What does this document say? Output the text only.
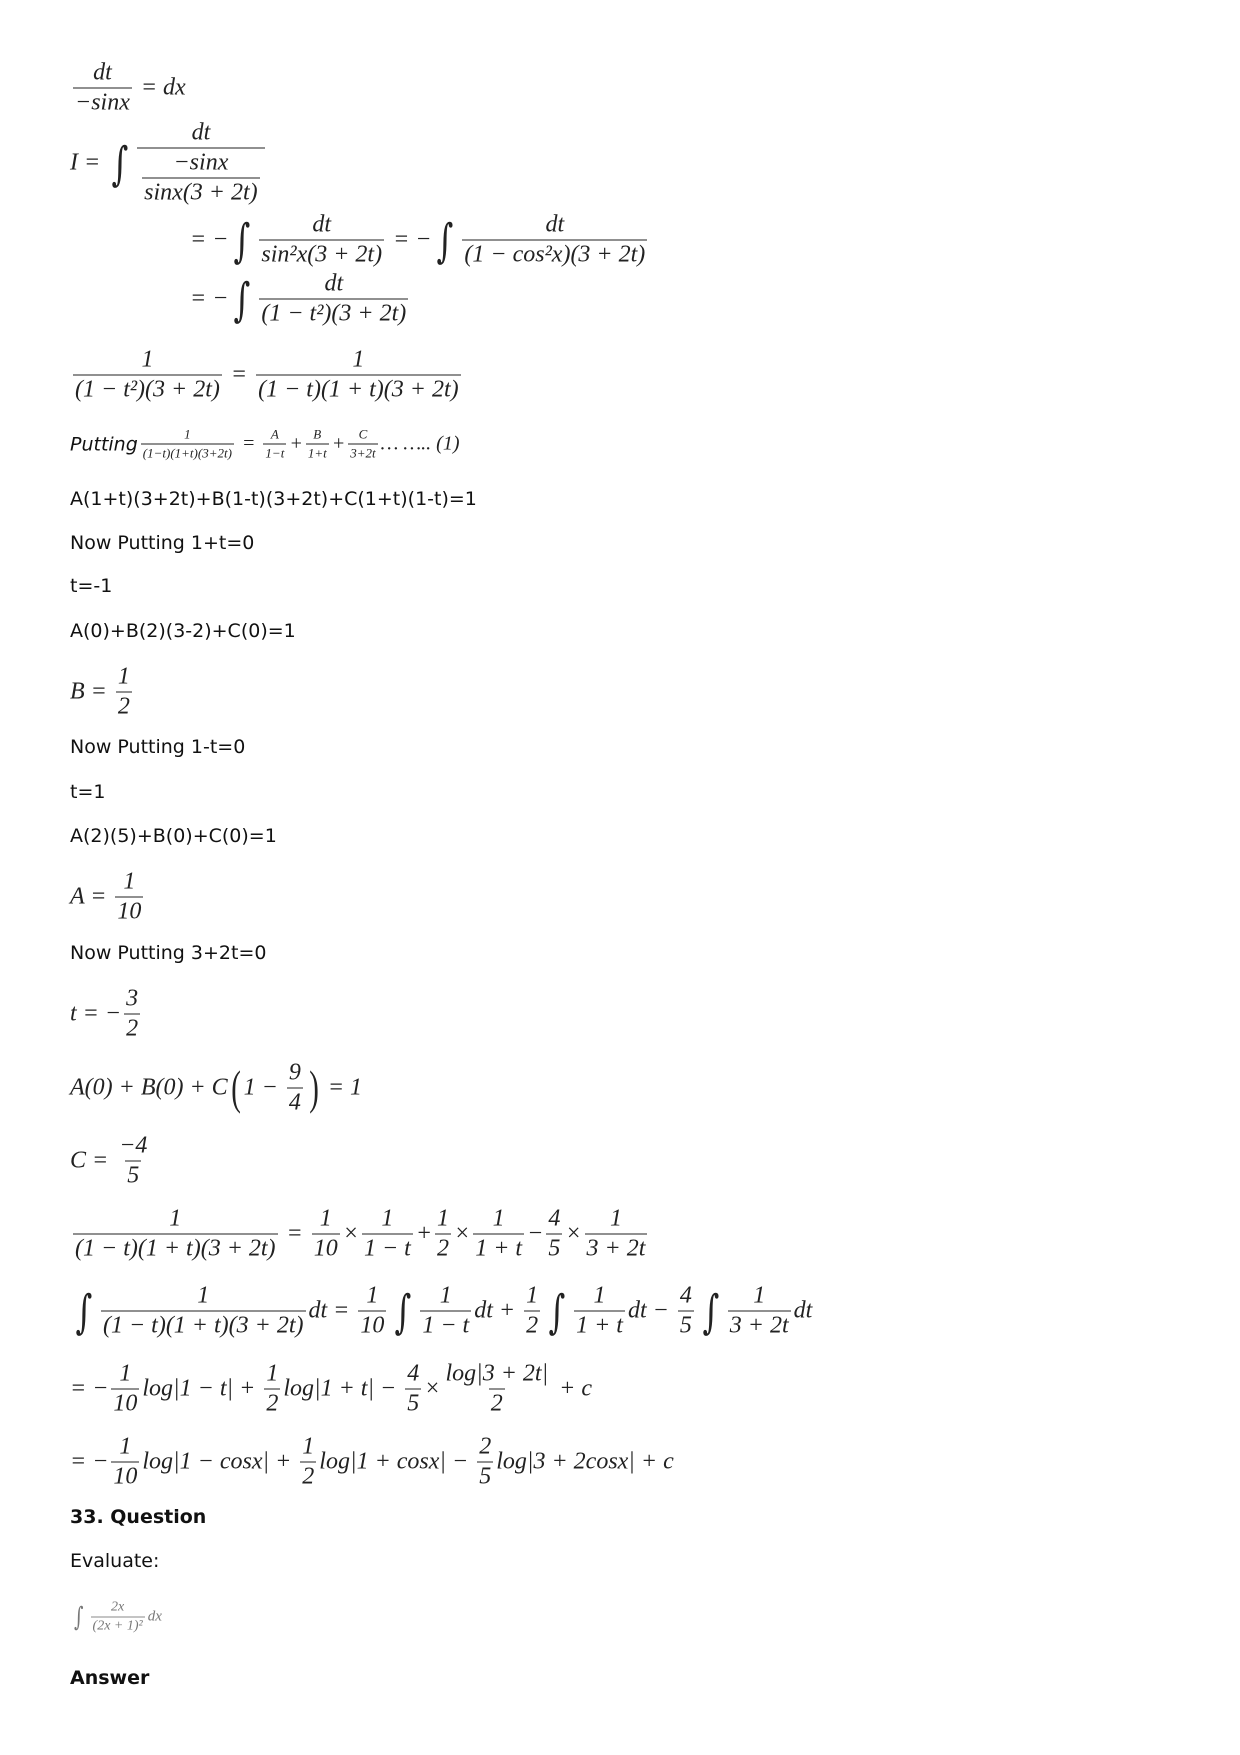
$\frac{dt}{-\sin x}$ = dx
I = ∫ $\frac{dt}{\frac{-\sin x}{\sin x(3 + 2t)}}$
= − ∫ $\frac{dt}{\text{sin²x(3 + 2t)}}$ = − ∫ $\frac{dt}{\text{(1 − cos²x)(3 + 2t)}}$
= − ∫ $\frac{dt}{\text{(1 − t²)(3 + 2t)}}$
$\frac{1}{\text{(1 − t²)(3 + 2t)}} = \frac{1}{(1 - t)(1 + t)(3 + 2t)}$
Putting $\frac{1}{(1-t)(1+t)(3+2t)} = \frac{A}{1-t} + \frac{B}{1+t} + \frac{C}{3+2t}$ … ….. (1)
A(1+t)(3+2t)+B(1-t)(3+2t)+C(1+t)(1-t)=1
Now Putting 1+t=0
t=-1
A(0)+B(2)(3-2)+C(0)=1
$B = \frac{1}{2}$
Now Putting 1-t=0
t=1
A(2)(5)+B(0)+C(0)=1
$A = \frac{1}{10}$
Now Putting 3+2t=0
t = − $\frac{3}{2}$
A(0) + B(0) + C ( $1 - \frac{9}{4}$ ) = 1
$C = \frac{-4}{5}$
$\frac{1}{(1 - t)(1 + t)(3 + 2t)} = \frac{1}{10} \times \frac{1}{1 - t} + \frac{1}{2} \times \frac{1}{1 + t} - \frac{4}{5} \times \frac{1}{3 + 2t}$
∫ $\frac{1}{(1 - t)(1 + t)(3 + 2t)}$ dt = $\frac{1}{10}$ ∫ $\frac{1}{1 - t}$ dt + $\frac{1}{2}$ ∫ $\frac{1}{1 + t}$ dt − $\frac{4}{5}$ ∫ $\frac{1}{3 + 2t}$ dt
= − $\frac{1}{10} \log|1 - t| + \frac{1}{2} \log|1 + t| - \frac{4}{5} \times \frac{\log|3 + 2t|}{2} + c$
= − $\frac{1}{10} \log|1 - \cos x| + \frac{1}{2} \log|1 + \cos x| - \frac{2}{5} \log|3 + 2\cos x| + c$
33. Question
Evaluate:
∫ $\frac{2x}{\text{(2x + 1)²}}$ dx
Answer
